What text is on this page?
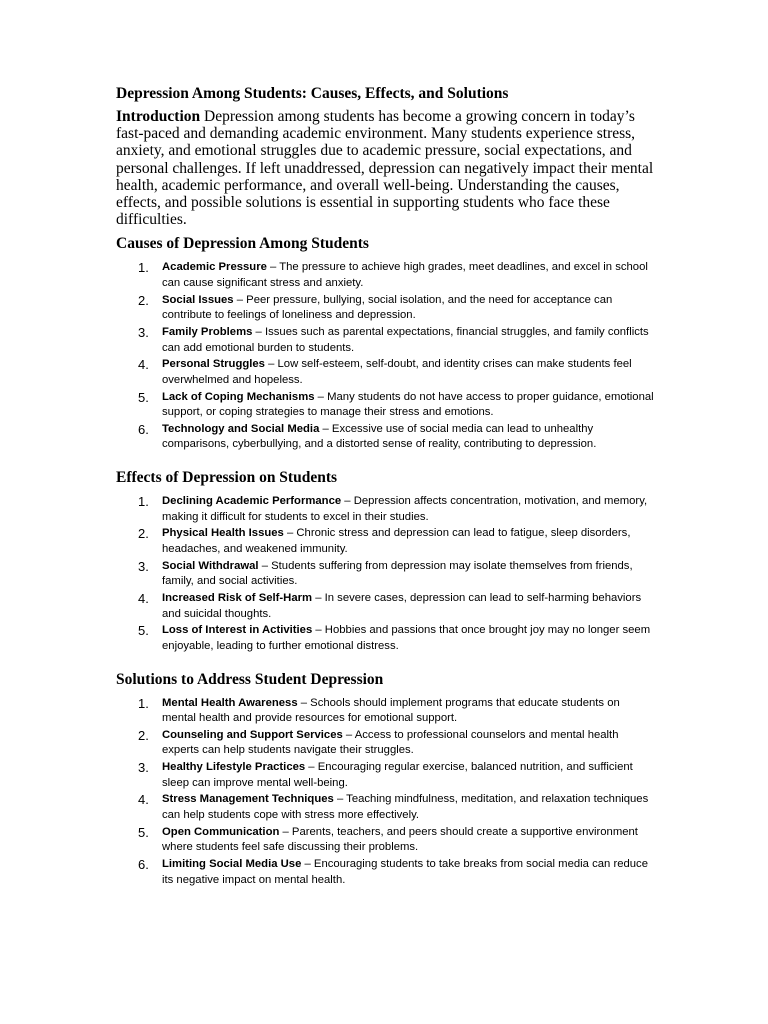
Depression Among Students: Causes, Effects, and Solutions

Introduction Depression among students has become a growing concern in today’s fast-paced and demanding academic environment. Many students experience stress, anxiety, and emotional struggles due to academic pressure, social expectations, and personal challenges. If left unaddressed, depression can negatively impact their mental health, academic performance, and overall well-being. Understanding the causes, effects, and possible solutions is essential in supporting students who face these difficulties.

Causes of Depression Among Students
1. Academic Pressure – The pressure to achieve high grades, meet deadlines, and excel in school can cause significant stress and anxiety.
2. Social Issues – Peer pressure, bullying, social isolation, and the need for acceptance can contribute to feelings of loneliness and depression.
3. Family Problems – Issues such as parental expectations, financial struggles, and family conflicts can add emotional burden to students.
4. Personal Struggles – Low self-esteem, self-doubt, and identity crises can make students feel overwhelmed and hopeless.
5. Lack of Coping Mechanisms – Many students do not have access to proper guidance, emotional support, or coping strategies to manage their stress and emotions.
6. Technology and Social Media – Excessive use of social media can lead to unhealthy comparisons, cyberbullying, and a distorted sense of reality, contributing to depression.
Effects of Depression on Students
1. Declining Academic Performance – Depression affects concentration, motivation, and memory, making it difficult for students to excel in their studies.
2. Physical Health Issues – Chronic stress and depression can lead to fatigue, sleep disorders, headaches, and weakened immunity.
3. Social Withdrawal – Students suffering from depression may isolate themselves from friends, family, and social activities.
4. Increased Risk of Self-Harm – In severe cases, depression can lead to self-harming behaviors and suicidal thoughts.
5. Loss of Interest in Activities – Hobbies and passions that once brought joy may no longer seem enjoyable, leading to further emotional distress.
Solutions to Address Student Depression
1. Mental Health Awareness – Schools should implement programs that educate students on mental health and provide resources for emotional support.
2. Counseling and Support Services – Access to professional counselors and mental health experts can help students navigate their struggles.
3. Healthy Lifestyle Practices – Encouraging regular exercise, balanced nutrition, and sufficient sleep can improve mental well-being.
4. Stress Management Techniques – Teaching mindfulness, meditation, and relaxation techniques can help students cope with stress more effectively.
5. Open Communication – Parents, teachers, and peers should create a supportive environment where students feel safe discussing their problems.
6. Limiting Social Media Use – Encouraging students to take breaks from social media can reduce its negative impact on mental health.
